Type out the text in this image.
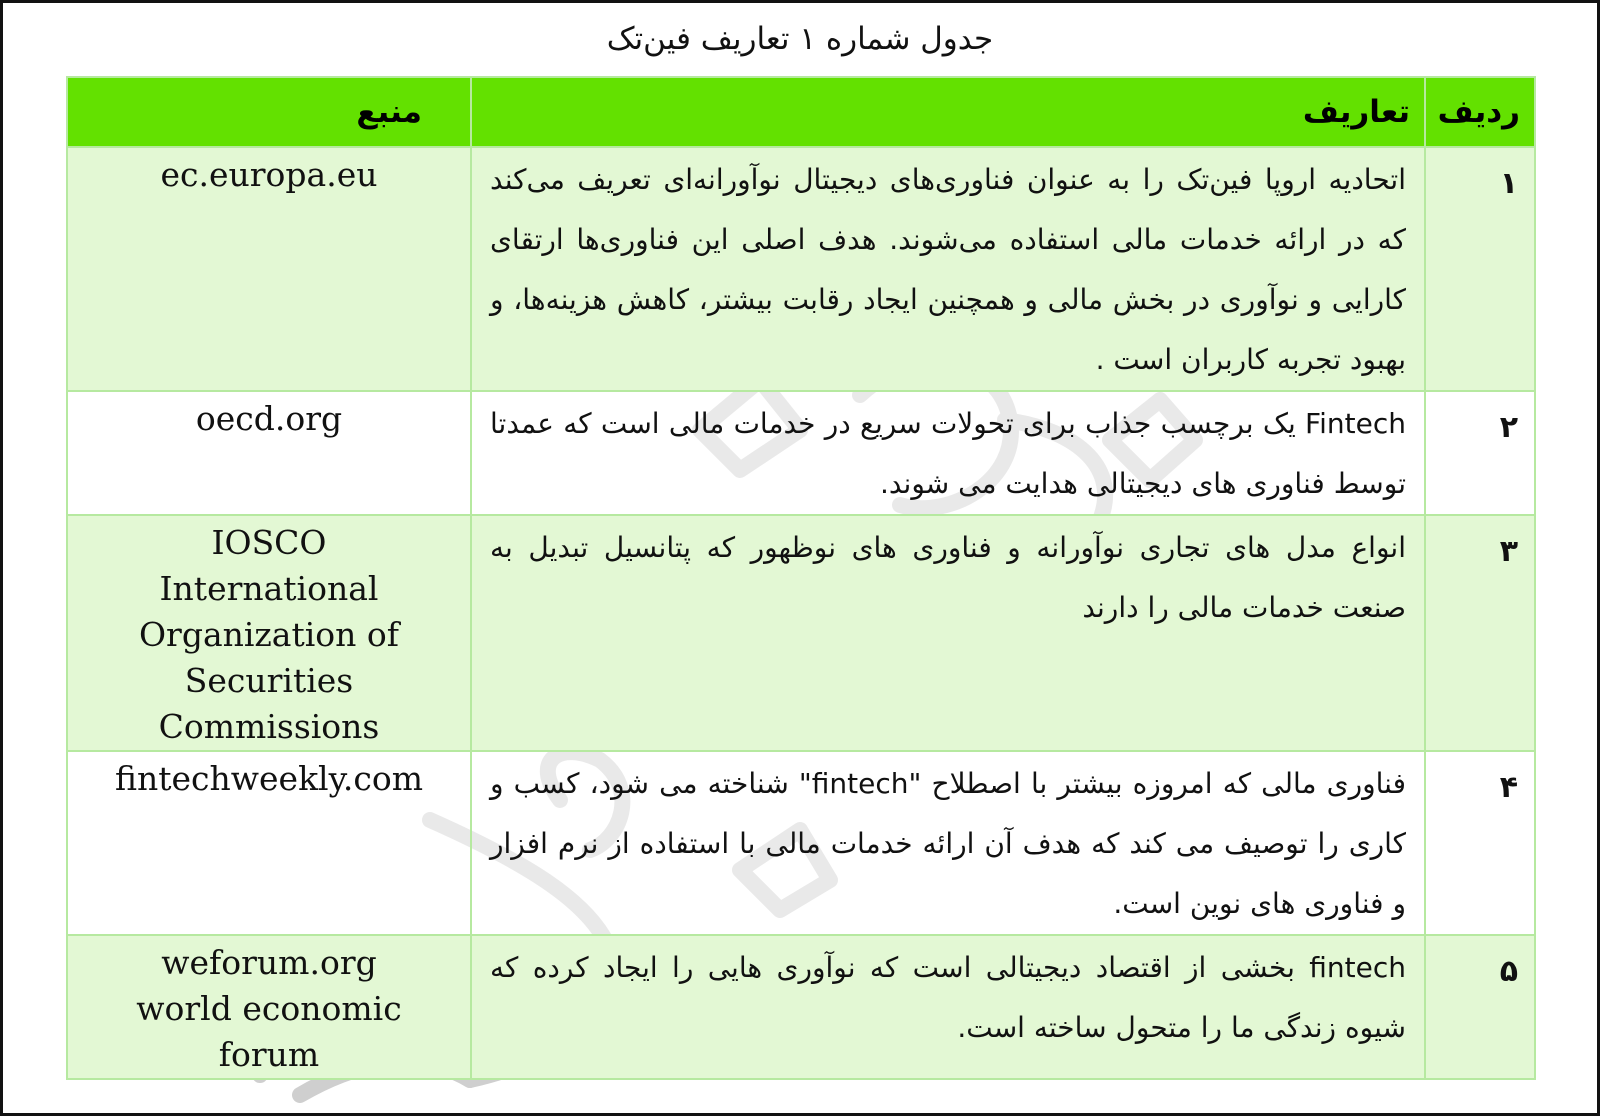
جدول شماره ۱ تعاریف فین‌تک
ردیف	تعاریف	منبع
۱	اتحادیه اروپا فین‌تک را به عنوان فناوری‌های دیجیتال نوآورانه‌ای تعریف می‌کند که در ارائه خدمات مالی استفاده می‌شوند. هدف اصلی این فناوری‌ها ارتقای کارایی و نوآوری در بخش مالی و همچنین ایجاد رقابت بیشتر، کاهش هزینه‌ها، و بهبود تجربه کاربران است .	ec.europa.eu

۲	Fintech یک برچسب جذاب برای تحولات سریع در خدمات مالی است که عمدتا توسط فناوری های دیجیتالی هدایت می شوند.	oecd.org

۳	انواع مدل های تجاری نوآورانه و فناوری های نوظهور که پتانسیل تبدیل به صنعت خدمات مالی را دارند	IOSCO
International
Organization of
Securities
Commissions

۴	فناوری مالی که امروزه بیشتر با اصطلاح "fintech" شناخته می شود، کسب و کاری را توصیف می کند که هدف آن ارائه خدمات مالی با استفاده از نرم افزار و فناوری های نوین است.	fintechweekly.com

۵	fintech بخشی از اقتصاد دیجیتالی است که نوآوری هایی را ایجاد کرده که شیوه زندگی ما را متحول ساخته است.	weforum.org
world economic
forum
